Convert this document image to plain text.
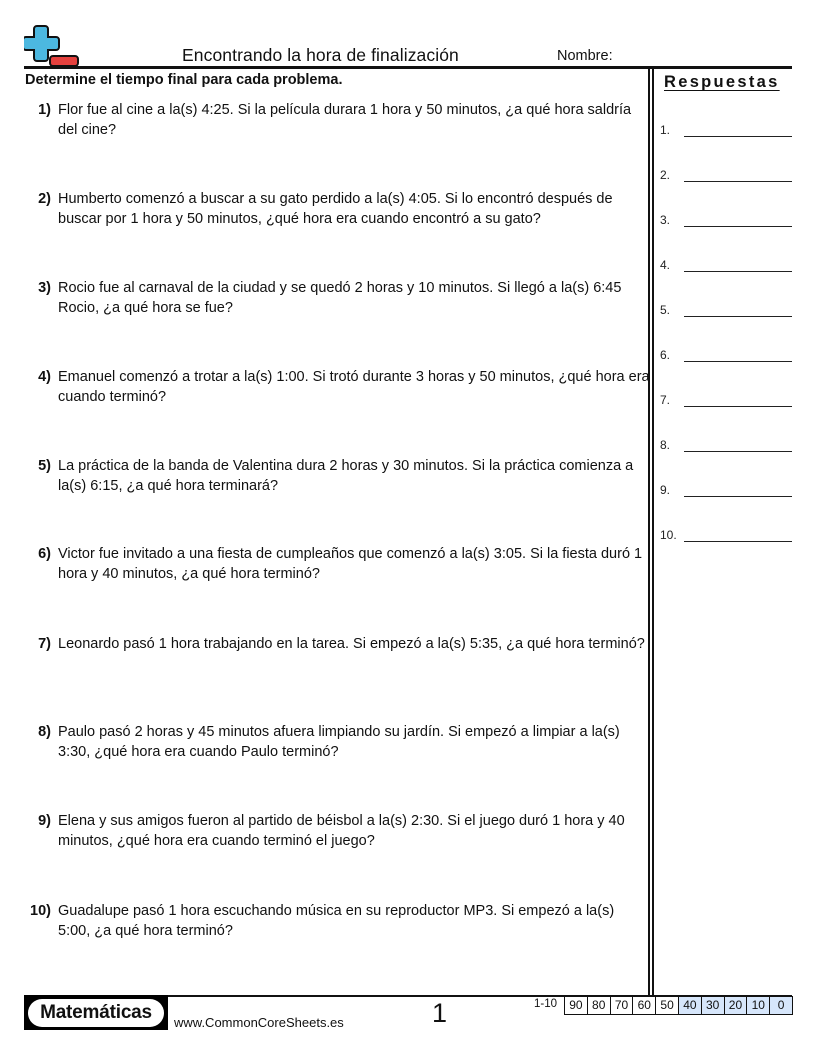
Encontrando la hora de finalización	Nombre:
Determine el tiempo final para cada problema.
1) Flor fue al cine a la(s) 4:25. Si la película durara 1 hora y 50 minutos, ¿a qué hora saldría del cine?
2) Humberto comenzó a buscar a su gato perdido a la(s) 4:05. Si lo encontró después de buscar por 1 hora y 50 minutos, ¿qué hora era cuando encontró a su gato?
3) Rocio fue al carnaval de la ciudad y se quedó 2 horas y 10 minutos. Si llegó a la(s) 6:45 Rocio, ¿a qué hora se fue?
4) Emanuel comenzó a trotar a la(s) 1:00. Si trotó durante 3 horas y 50 minutos, ¿qué hora era cuando terminó?
5) La práctica de la banda de Valentina dura 2 horas y 30 minutos. Si la práctica comienza a la(s) 6:15, ¿a qué hora terminará?
6) Victor fue invitado a una fiesta de cumpleaños que comenzó a la(s) 3:05. Si la fiesta duró 1 hora y 40 minutos, ¿a qué hora terminó?
7) Leonardo pasó 1 hora trabajando en la tarea. Si empezó a la(s) 5:35, ¿a qué hora terminó?
8) Paulo pasó 2 horas y 45 minutos afuera limpiando su jardín. Si empezó a limpiar a la(s) 3:30, ¿qué hora era cuando Paulo terminó?
9) Elena y sus amigos fueron al partido de béisbol a la(s) 2:30. Si el juego duró 1 hora y 40 minutos, ¿qué hora era cuando terminó el juego?
10) Guadalupe pasó 1 hora escuchando música en su reproductor MP3. Si empezó a la(s) 5:00, ¿a qué hora terminó?
Respuestas
1.
2.
3.
4.
5.
6.
7.
8.
9.
10.
Matemáticas www.CommonCoreSheets.es	1	1-10	90 80 70 60 50 40 30 20 10	0
